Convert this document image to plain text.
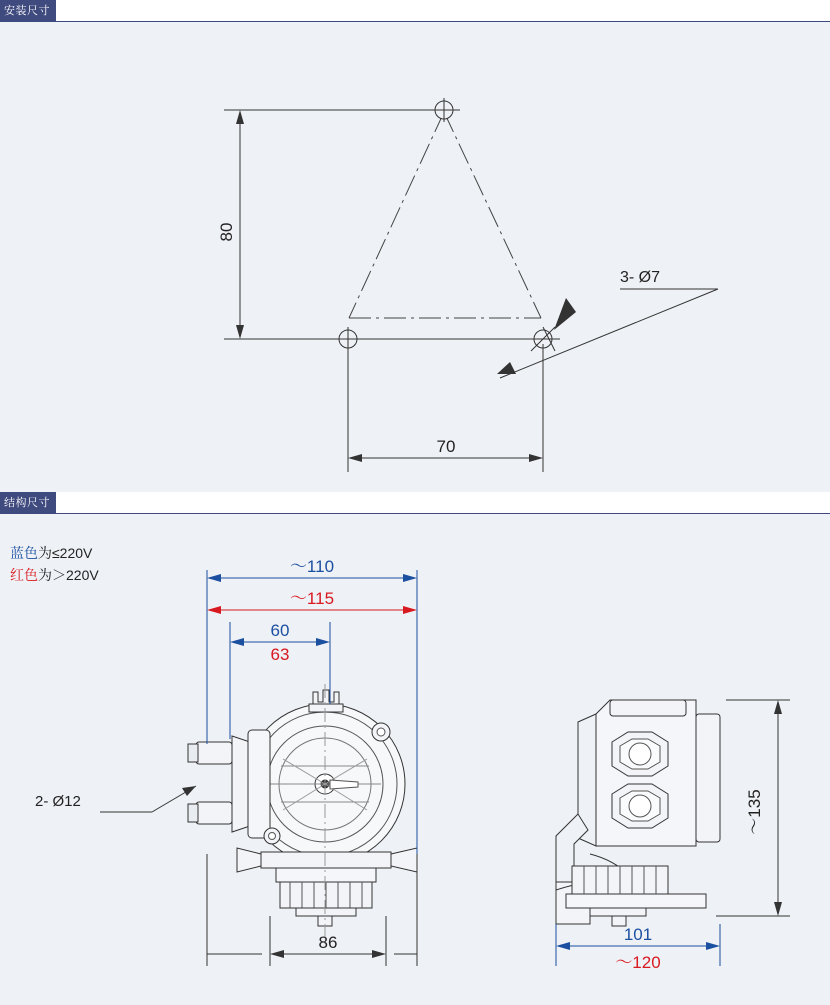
安装尺寸
80
70
3- Ø7
结构尺寸
蓝色为≤220V
红色为＞220V	～110
～115
60
63
86
2- Ø12	～135
101
～120
